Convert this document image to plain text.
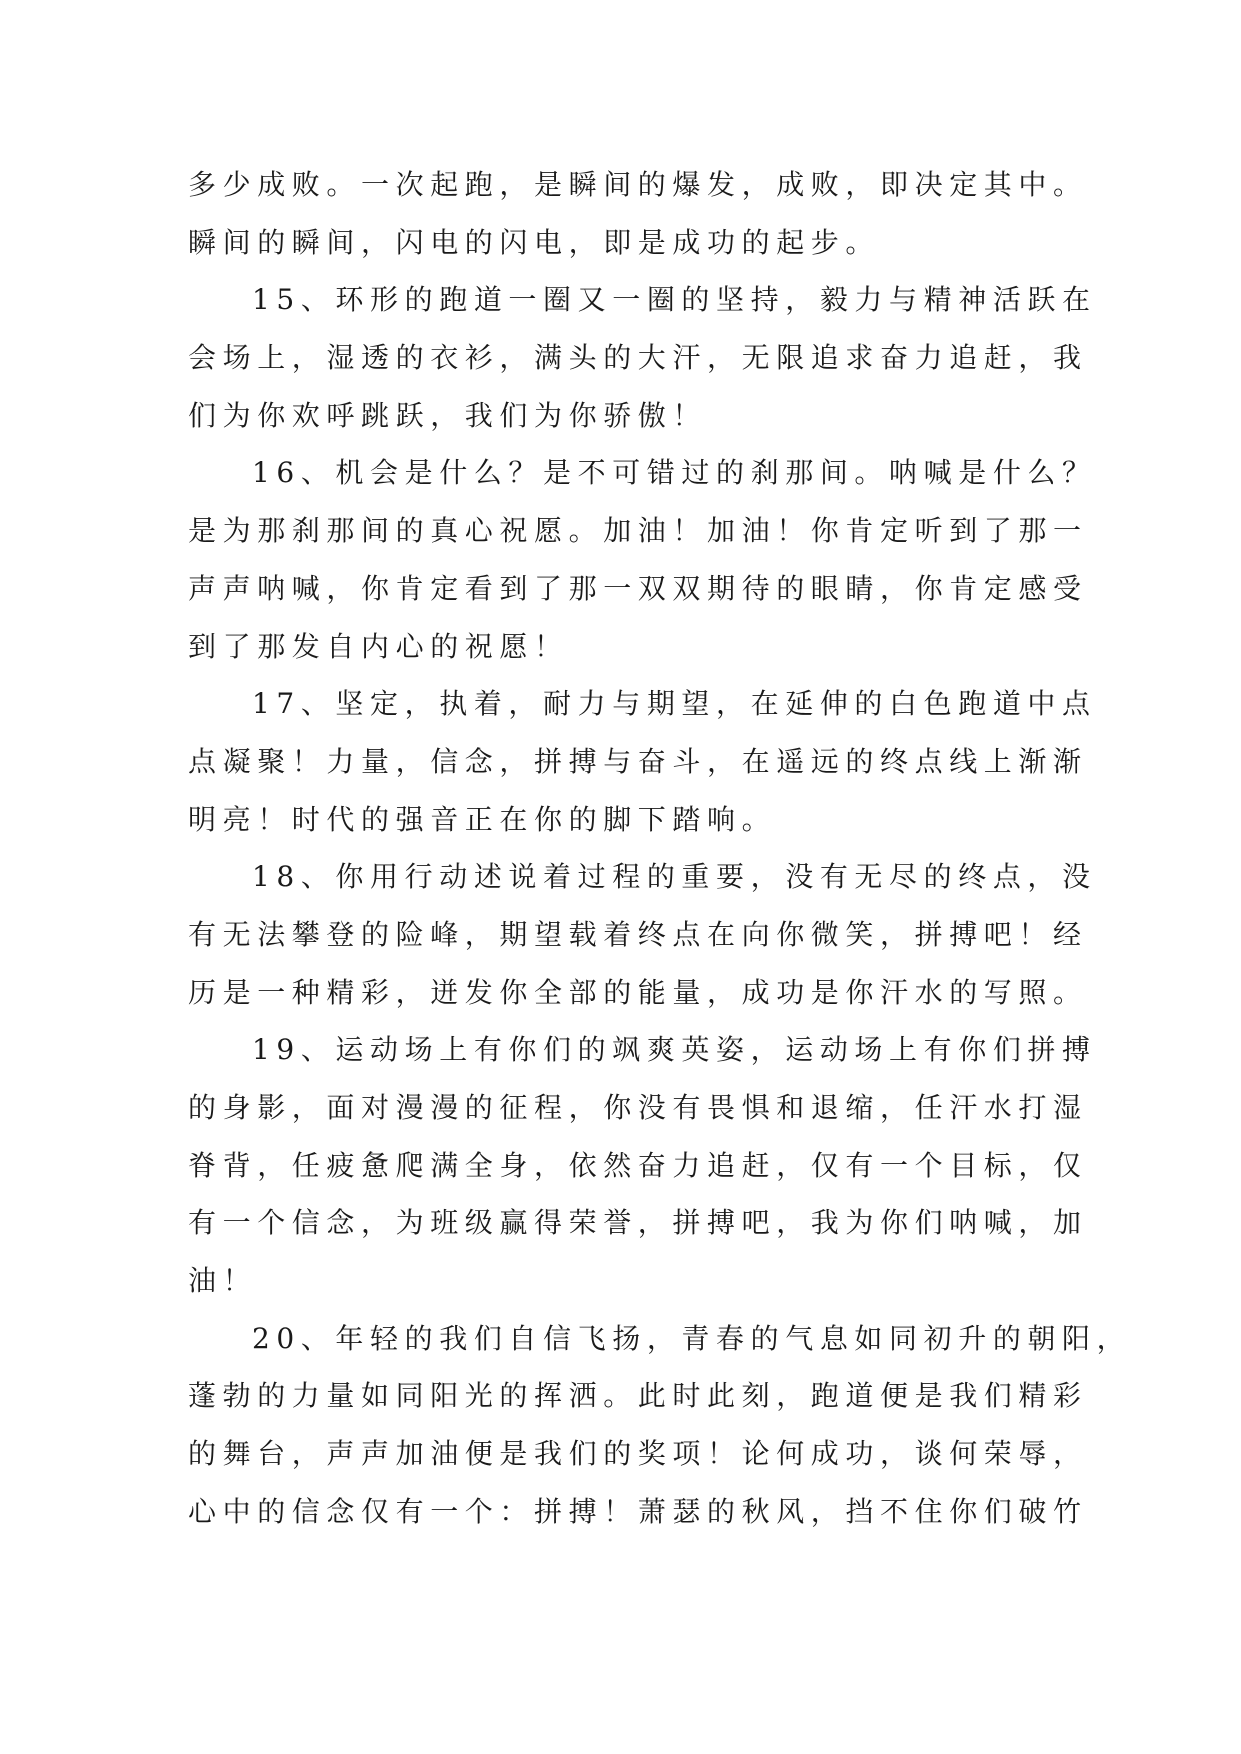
多少成败。一次起跑，是瞬间的爆发，成败，即决定其中。
瞬间的瞬间，闪电的闪电，即是成功的起步。
15、环形的跑道一圈又一圈的坚持，毅力与精神活跃在
会场上，湿透的衣衫，满头的大汗，无限追求奋力追赶，我
们为你欢呼跳跃，我们为你骄傲！
16、机会是什么？是不可错过的刹那间。呐喊是什么？
是为那刹那间的真心祝愿。加油！加油！你肯定听到了那一
声声呐喊，你肯定看到了那一双双期待的眼睛，你肯定感受
到了那发自内心的祝愿！
17、坚定，执着，耐力与期望，在延伸的白色跑道中点
点凝聚！力量，信念，拼搏与奋斗，在遥远的终点线上渐渐
明亮！时代的强音正在你的脚下踏响。
18、你用行动述说着过程的重要，没有无尽的终点，没
有无法攀登的险峰，期望载着终点在向你微笑，拼搏吧！经
历是一种精彩，迸发你全部的能量，成功是你汗水的写照。
19、运动场上有你们的飒爽英姿，运动场上有你们拼搏
的身影，面对漫漫的征程，你没有畏惧和退缩，任汗水打湿
脊背，任疲惫爬满全身，依然奋力追赶，仅有一个目标，仅
有一个信念，为班级赢得荣誉，拼搏吧，我为你们呐喊，加
油！
20、年轻的我们自信飞扬，青春的气息如同初升的朝阳，
蓬勃的力量如同阳光的挥洒。此时此刻，跑道便是我们精彩
的舞台，声声加油便是我们的奖项！论何成功，谈何荣辱，
心中的信念仅有一个：拼搏！萧瑟的秋风，挡不住你们破竹
